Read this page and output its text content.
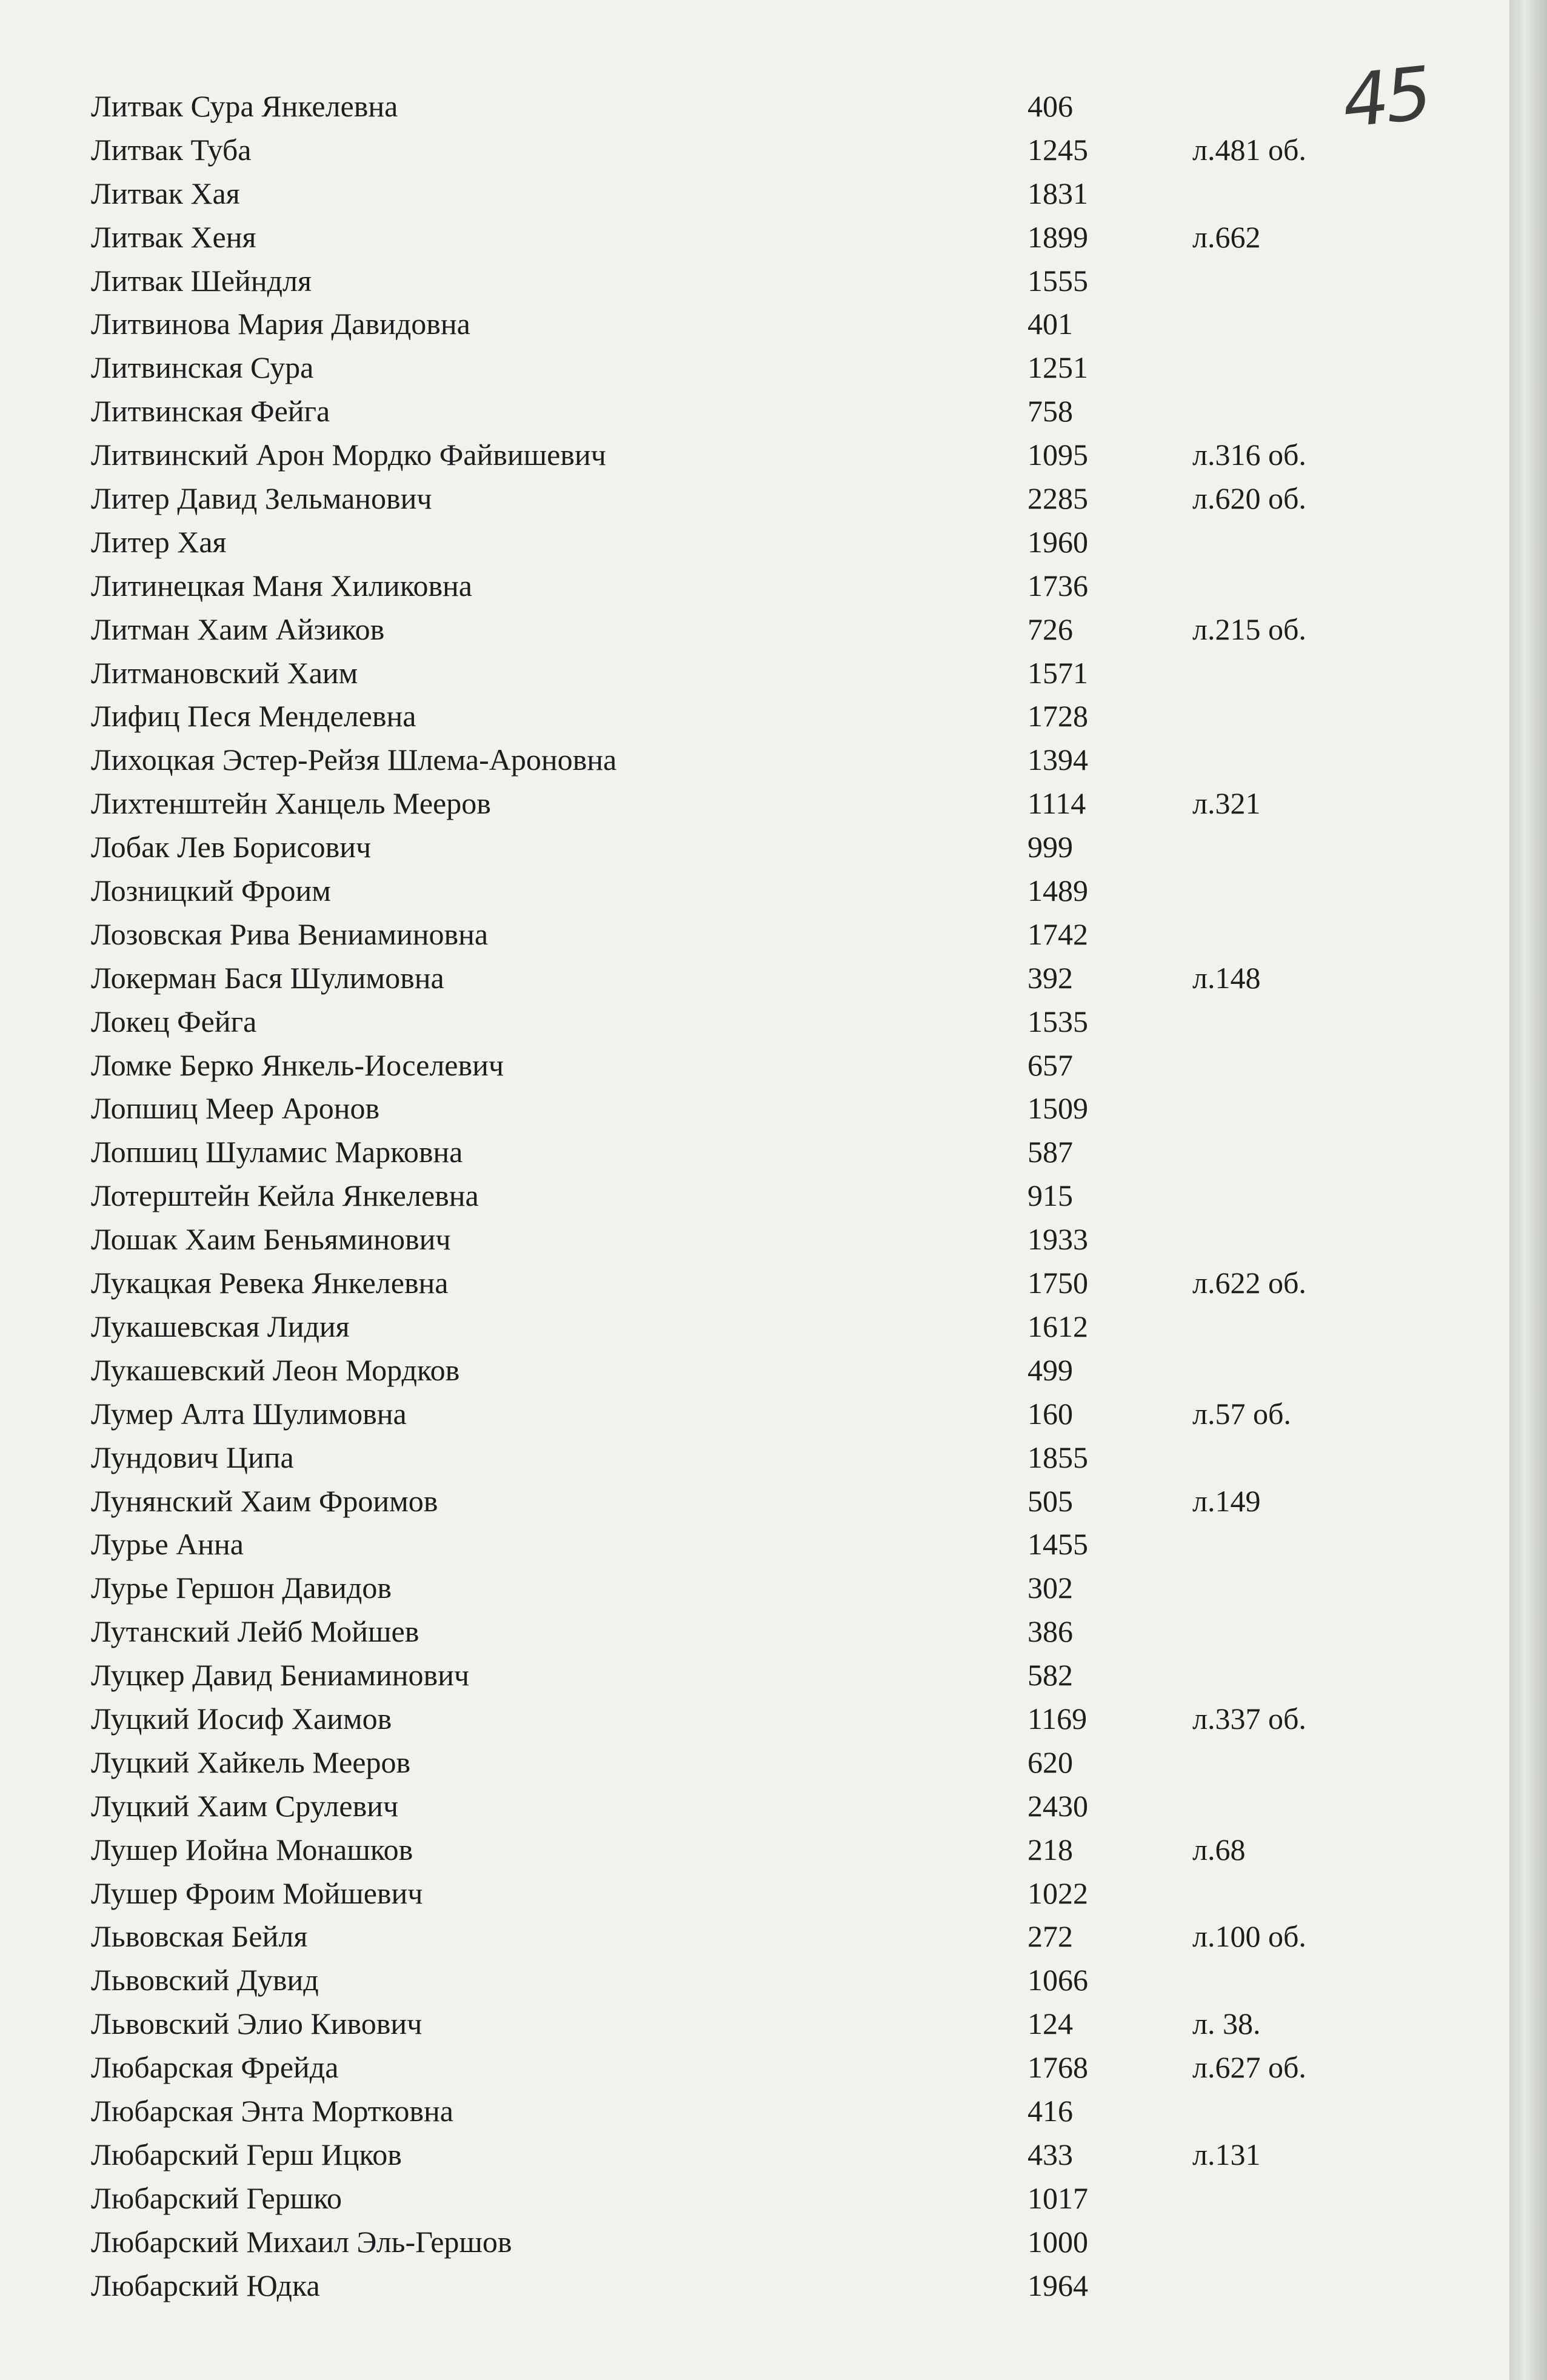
45
Литвак Сура Янкелевна	406
Литвак Туба	1245	л.481 об.
Литвак Хая	1831
Литвак Хеня	1899	л.662
Литвак Шейндля	1555
Литвинова Мария Давидовна	401
Литвинская Сура	1251
Литвинская Фейга	758
Литвинский Арон Мордко Файвишевич	1095	л.316 об.
Литер Давид Зельманович	2285	л.620 об.
Литер Хая	1960
Литинецкая Маня Хиликовна	1736
Литман Хаим Айзиков	726	л.215 об.
Литмановский Хаим	1571
Лифиц Песя Менделевна	1728
Лихоцкая Эстер-Рейзя Шлема-Ароновна	1394
Лихтенштейн Ханцель Мееров	1114	л.321
Лобак Лев Борисович	999
Лозницкий Фроим	1489
Лозовская Рива Вениаминовна	1742
Локерман Бася Шулимовна	392	л.148
Локец Фейга	1535
Ломке Берко Янкель-Иоселевич	657
Лопшиц Меер Аронов	1509
Лопшиц Шуламис Марковна	587
Лотерштейн Кейла Янкелевна	915
Лошак Хаим Беньяминович	1933
Лукацкая Ревека Янкелевна	1750	л.622 об.
Лукашевская Лидия	1612
Лукашевский Леон Мордков	499
Лумер Алта Шулимовна	160	л.57 об.
Лундович Ципа	1855
Лунянский Хаим Фроимов	505	л.149
Лурье Анна	1455
Лурье Гершон Давидов	302
Лутанский Лейб Мойшев	386
Луцкер Давид Бениаминович	582
Луцкий Иосиф Хаимов	1169	л.337 об.
Луцкий Хайкель Мееров	620
Луцкий Хаим Срулевич	2430
Лушер Иойна Монашков	218	л.68
Лушер Фроим Мойшевич	1022
Львовская Бейля	272	л.100 об.
Львовский Дувид	1066
Львовский Элио Кивович	124	л. 38.
Любарская Фрейда	1768	л.627 об.
Любарская Энта Мортковна	416
Любарский Герш Ицков	433	л.131
Любарский Гершко	1017
Любарский Михаил Эль-Гершов	1000
Любарский Юдка	1964
